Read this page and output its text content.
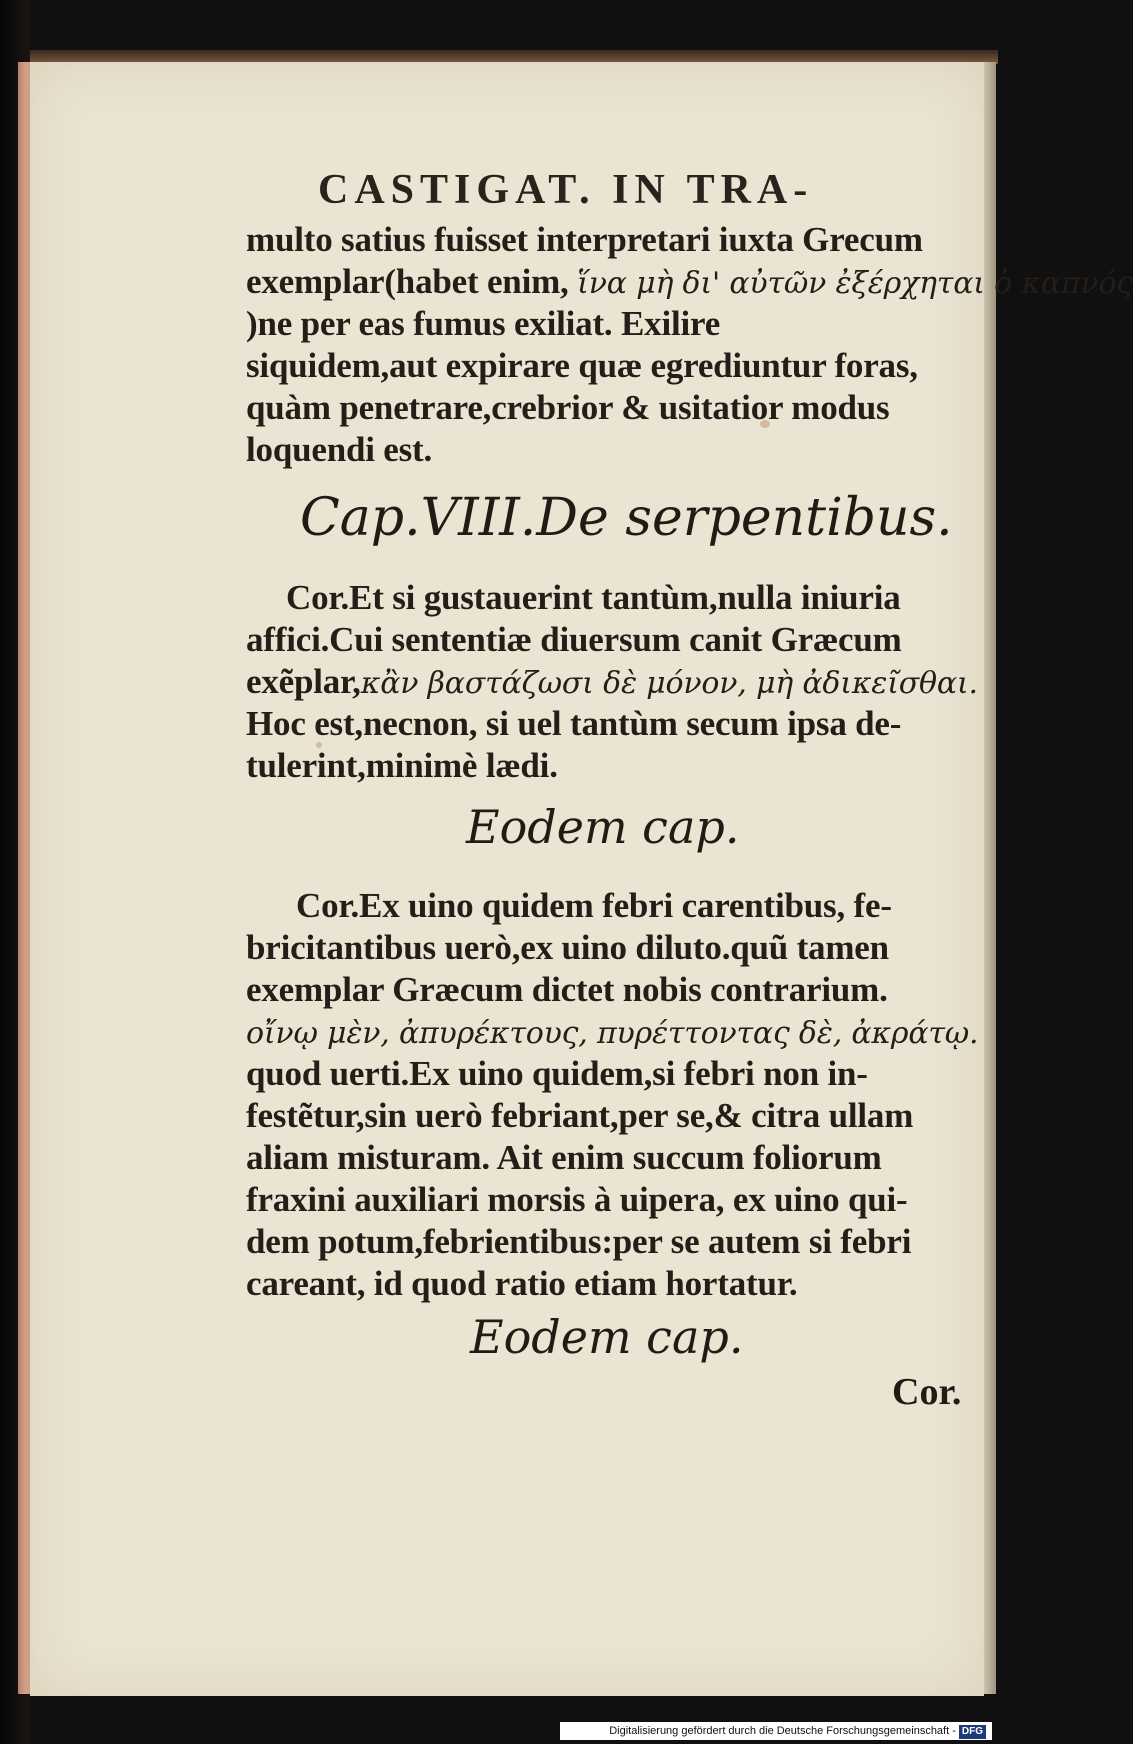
CASTIGAT. IN TRA-
multo satius fuisset interpretari iuxta Grecum
exemplar(habet enim, ἵνα μὴ δι' αὐτῶν ἐξέρχηται ὁ καπνός
)ne per eas fumus exiliat. Exilire
siquidem,aut expirare quæ egrediuntur foras,
quàm penetrare,crebrior & usitatior modus
loquendi est.
Cap.VIII.De serpentibus.
Cor.Et si gustauerint tantùm,nulla iniuria
affici.Cui sententiæ diuersum canit Græcum
exẽplar,κἂν βαστάζωσι δὲ μόνον, μὴ ἀδικεῖσθαι.
Hoc est,necnon, si uel tantùm secum ipsa de-
tulerint,minimè lædi.
Eodem cap.
Cor.Ex uino quidem febri carentibus, fe-
bricitantibus uerò,ex uino diluto.quũ tamen
exemplar Græcum dictet nobis contrarium.
οἴνῳ μὲν, ἀπυρέκτους, πυρέττοντας δὲ, ἀκράτῳ.
quod uerti.Ex uino quidem,si febri non in-
festẽtur,sin uerò febriant,per se,& citra ullam
aliam misturam. Ait enim succum foliorum
fraxini auxiliari morsis à uipera, ex uino qui-
dem potum,febrientibus:per se autem si febri
careant, id quod ratio etiam hortatur.
Eodem cap.
Cor.
Digitalisierung gefördert durch die Deutsche Forschungsgemeinschaft - DFG
